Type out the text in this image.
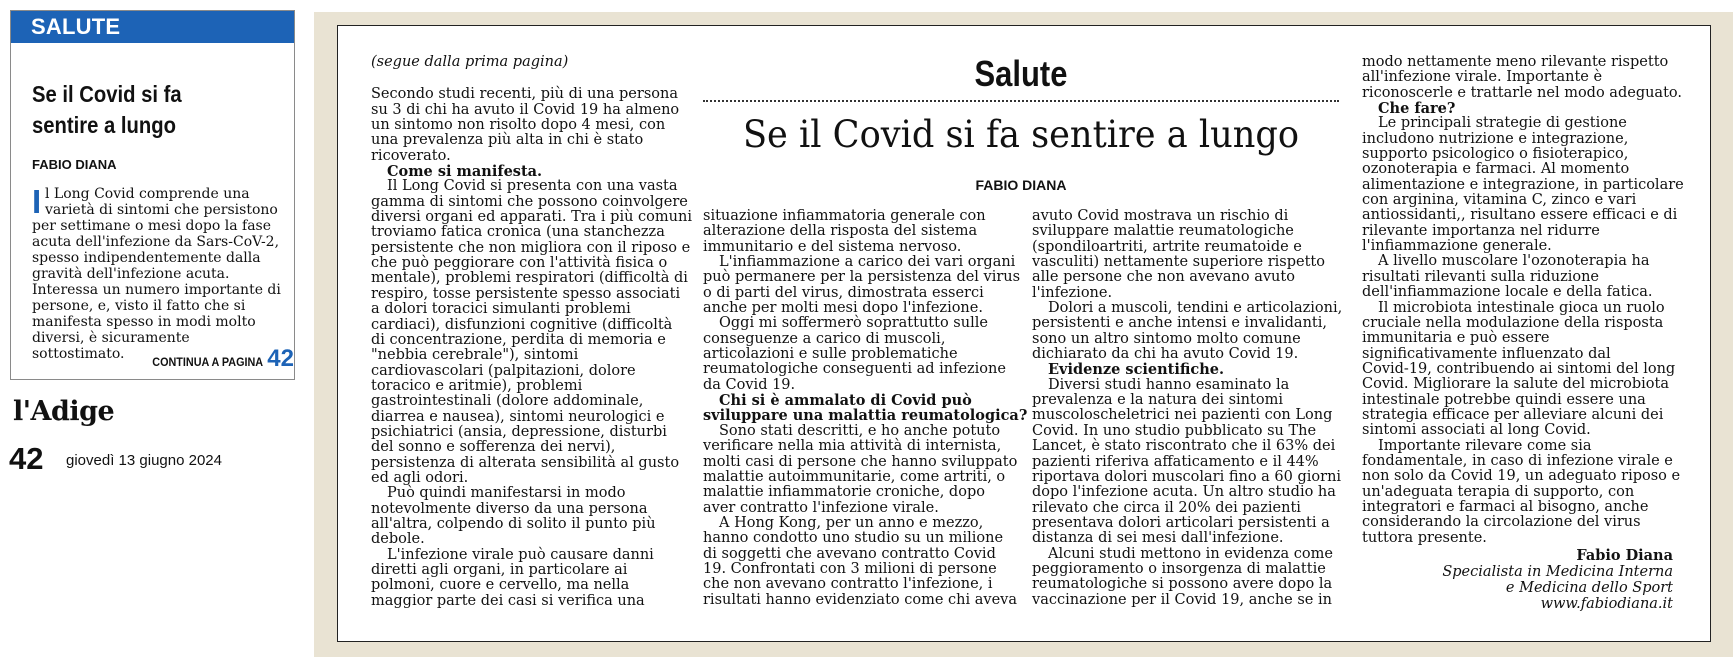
SALUTE
Se il Covid si fa
sentire a lungo
FABIO DIANA
I l Long Covid comprende una
varietà di sintomi che persistono
per settimane o mesi dopo la fase
acuta dell'infezione da Sars-CoV-2,
spesso indipendentemente dalla
gravità dell'infezione acuta.
Interessa un numero importante di
persone, e, visto il fatto che si
manifesta spesso in modi molto
diversi, è sicuramente
sottostimato.	CONTINUA A PAGINA 42
l'Adige
42 giovedì 13 giugno 2024
Salute
Se il Covid si fa sentire a lungo
FABIO DIANA
(segue dalla prima pagina)
Secondo studi recenti, più di una persona
su 3 di chi ha avuto il Covid 19 ha almeno
un sintomo non risolto dopo 4 mesi, con
una prevalenza più alta in chi è stato
ricoverato.
Come si manifesta.
Il Long Covid si presenta con una vasta
gamma di sintomi che possono coinvolgere
diversi organi ed apparati. Tra i più comuni
troviamo fatica cronica (una stanchezza
persistente che non migliora con il riposo e
che può peggiorare con l'attività fisica o
mentale), problemi respiratori (difficoltà di
respiro, tosse persistente spesso associati
a dolori toracici simulanti problemi
cardiaci), disfunzioni cognitive (difficoltà
di concentrazione, perdita di memoria e
"nebbia cerebrale"), sintomi
cardiovascolari (palpitazioni, dolore
toracico e aritmie), problemi
gastrointestinali (dolore addominale,
diarrea e nausea), sintomi neurologici e
psichiatrici (ansia, depressione, disturbi
del sonno e sofferenza dei nervi),
persistenza di alterata sensibilità al gusto
ed agli odori.
Può quindi manifestarsi in modo
notevolmente diverso da una persona
all'altra, colpendo di solito il punto più
debole.
L'infezione virale può causare danni
diretti agli organi, in particolare ai
polmoni, cuore e cervello, ma nella
maggior parte dei casi si verifica una
situazione infiammatoria generale con
alterazione della risposta del sistema
immunitario e del sistema nervoso.
L'infiammazione a carico dei vari organi
può permanere per la persistenza del virus
o di parti del virus, dimostrata esserci
anche per molti mesi dopo l'infezione.
Oggi mi soffermerò soprattutto sulle
conseguenze a carico di muscoli,
articolazioni e sulle problematiche
reumatologiche conseguenti ad infezione
da Covid 19.
Chi si è ammalato di Covid può
sviluppare una malattia reumatologica?
Sono stati descritti, e ho anche potuto
verificare nella mia attività di internista,
molti casi di persone che hanno sviluppato
malattie autoimmunitarie, come artriti, o
malattie infiammatorie croniche, dopo
aver contratto l'infezione virale.
A Hong Kong, per un anno e mezzo,
hanno condotto uno studio su un milione
di soggetti che avevano contratto Covid
19. Confrontati con 3 milioni di persone
che non avevano contratto l'infezione, i
risultati hanno evidenziato come chi aveva
avuto Covid mostrava un rischio di
sviluppare malattie reumatologiche
(spondiloartriti, artrite reumatoide e
vasculiti) nettamente superiore rispetto
alle persone che non avevano avuto
l'infezione.
Dolori a muscoli, tendini e articolazioni,
persistenti e anche intensi e invalidanti,
sono un altro sintomo molto comune
dichiarato da chi ha avuto Covid 19.
Evidenze scientifiche.
Diversi studi hanno esaminato la
prevalenza e la natura dei sintomi
muscoloscheletrici nei pazienti con Long
Covid. In uno studio pubblicato su The
Lancet, è stato riscontrato che il 63% dei
pazienti riferiva affaticamento e il 44%
riportava dolori muscolari fino a 60 giorni
dopo l'infezione acuta. Un altro studio ha
rilevato che circa il 20% dei pazienti
presentava dolori articolari persistenti a
distanza di sei mesi dall'infezione.
Alcuni studi mettono in evidenza come
peggioramento o insorgenza di malattie
reumatologiche si possono avere dopo la
vaccinazione per il Covid 19, anche se in
modo nettamente meno rilevante rispetto
all'infezione virale. Importante è
riconoscerle e trattarle nel modo adeguato.
Che fare?
Le principali strategie di gestione
includono nutrizione e integrazione,
supporto psicologico o fisioterapico,
ozonoterapia e farmaci. Al momento
alimentazione e integrazione, in particolare
con arginina, vitamina C, zinco e vari
antiossidanti,, risultano essere efficaci e di
rilevante importanza nel ridurre
l'infiammazione generale.
A livello muscolare l'ozonoterapia ha
risultati rilevanti sulla riduzione
dell'infiammazione locale e della fatica.
Il microbiota intestinale gioca un ruolo
cruciale nella modulazione della risposta
immunitaria e può essere
significativamente influenzato dal
Covid-19, contribuendo ai sintomi del long
Covid. Migliorare la salute del microbiota
intestinale potrebbe quindi essere una
strategia efficace per alleviare alcuni dei
sintomi associati al long Covid.
Importante rilevare come sia
fondamentale, in caso di infezione virale e
non solo da Covid 19, un adeguato riposo e
un'adeguata terapia di supporto, con
integratori e farmaci al bisogno, anche
considerando la circolazione del virus
tuttora presente.
Fabio Diana
Specialista in Medicina Interna
e Medicina dello Sport
www.fabiodiana.it
